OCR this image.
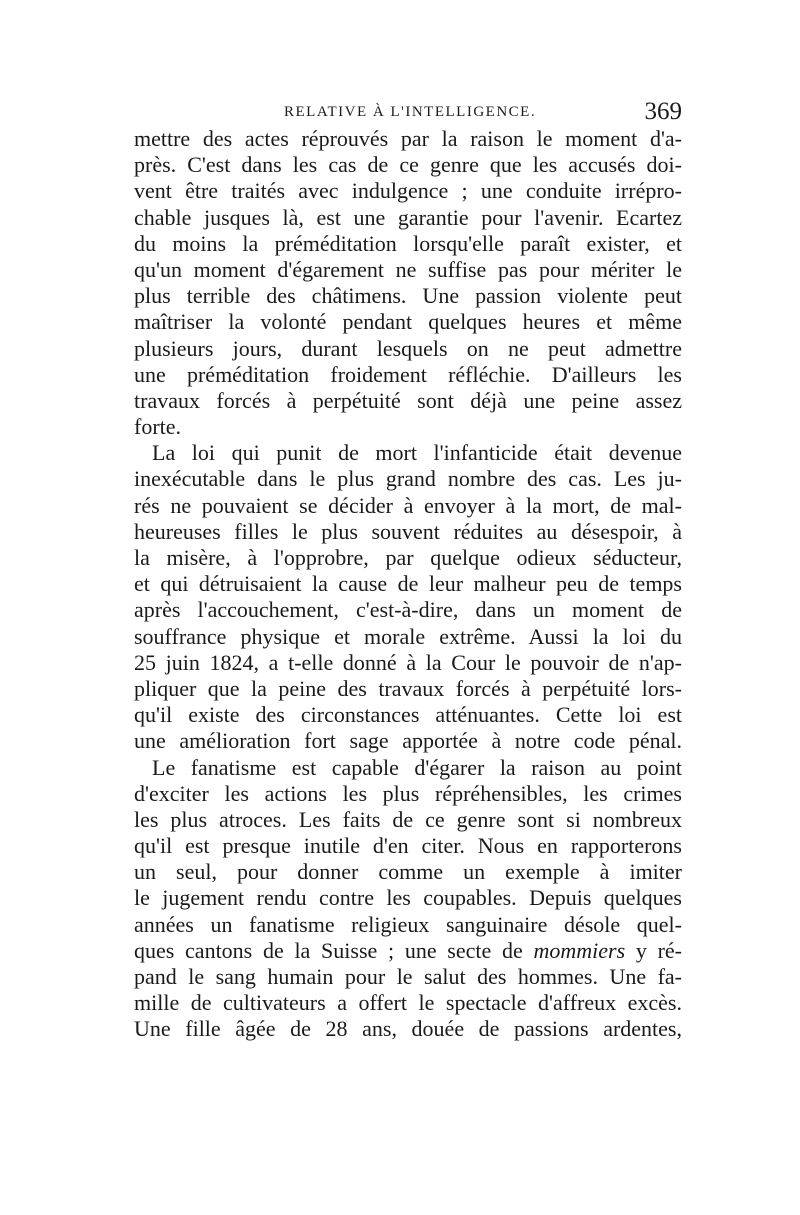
RELATIVE À L'INTELLIGENCE.	369
mettre des actes réprouvés par la raison le moment d'a-
près. C'est dans les cas de ce genre que les accusés doi-
vent être traités avec indulgence ; une conduite irrépro-
chable jusques là, est une garantie pour l'avenir. Ecartez
du moins la préméditation lorsqu'elle paraît exister, et
qu'un moment d'égarement ne suffise pas pour mériter le
plus terrible des châtimens. Une passion violente peut
maîtriser la volonté pendant quelques heures et même
plusieurs jours, durant lesquels on ne peut admettre
une préméditation froidement réfléchie. D'ailleurs les
travaux forcés à perpétuité sont déjà une peine assez
forte.
La loi qui punit de mort l'infanticide était devenue
inexécutable dans le plus grand nombre des cas. Les ju-
rés ne pouvaient se décider à envoyer à la mort, de mal-
heureuses filles le plus souvent réduites au désespoir, à
la misère, à l'opprobre, par quelque odieux séducteur,
et qui détruisaient la cause de leur malheur peu de temps
après l'accouchement, c'est-à-dire, dans un moment de
souffrance physique et morale extrême. Aussi la loi du
25 juin 1824, a t-elle donné à la Cour le pouvoir de n'ap-
pliquer que la peine des travaux forcés à perpétuité lors-
qu'il existe des circonstances atténuantes. Cette loi est
une amélioration fort sage apportée à notre code pénal.
Le fanatisme est capable d'égarer la raison au point
d'exciter les actions les plus répréhensibles, les crimes
les plus atroces. Les faits de ce genre sont si nombreux
qu'il est presque inutile d'en citer. Nous en rapporterons
un seul, pour donner comme un exemple à imiter
le jugement rendu contre les coupables. Depuis quelques
années un fanatisme religieux sanguinaire désole quel-
ques cantons de la Suisse ; une secte de mommiers y ré-
pand le sang humain pour le salut des hommes. Une fa-
mille de cultivateurs a offert le spectacle d'affreux excès.
Une fille âgée de 28 ans, douée de passions ardentes,
